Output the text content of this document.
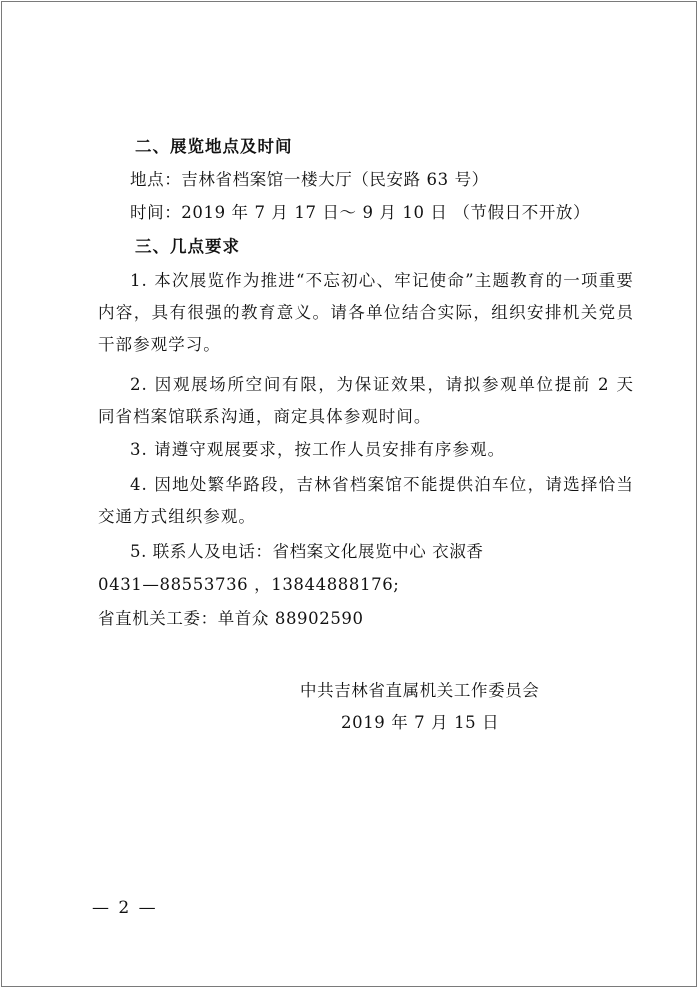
二、展览地点及时间
地点：吉林省档案馆一楼大厅（民安路 63 号）
时间：2019 年 7 月 17 日～ 9 月 10 日 （节假日不开放）
三、几点要求

1. 本次展览作为推进“不忘初心、牢记使命”主题教育的一项重要内容，具有很强的教育意义。请各单位结合实际，组织安排机关党员干部参观学习。

2. 因观展场所空间有限，为保证效果，请拟参观单位提前 2 天同省档案馆联系沟通，商定具体参观时间。

3. 请遵守观展要求，按工作人员安排有序参观。

4. 因地处繁华路段，吉林省档案馆不能提供泊车位，请选择恰当交通方式组织参观。

5. 联系人及电话：省档案文化展览中心 衣淑香
0431—88553736 ，13844888176;
省直机关工委：单首众 88902590
中共吉林省直属机关工作委员会
2019 年 7 月 15 日
— 2 —
